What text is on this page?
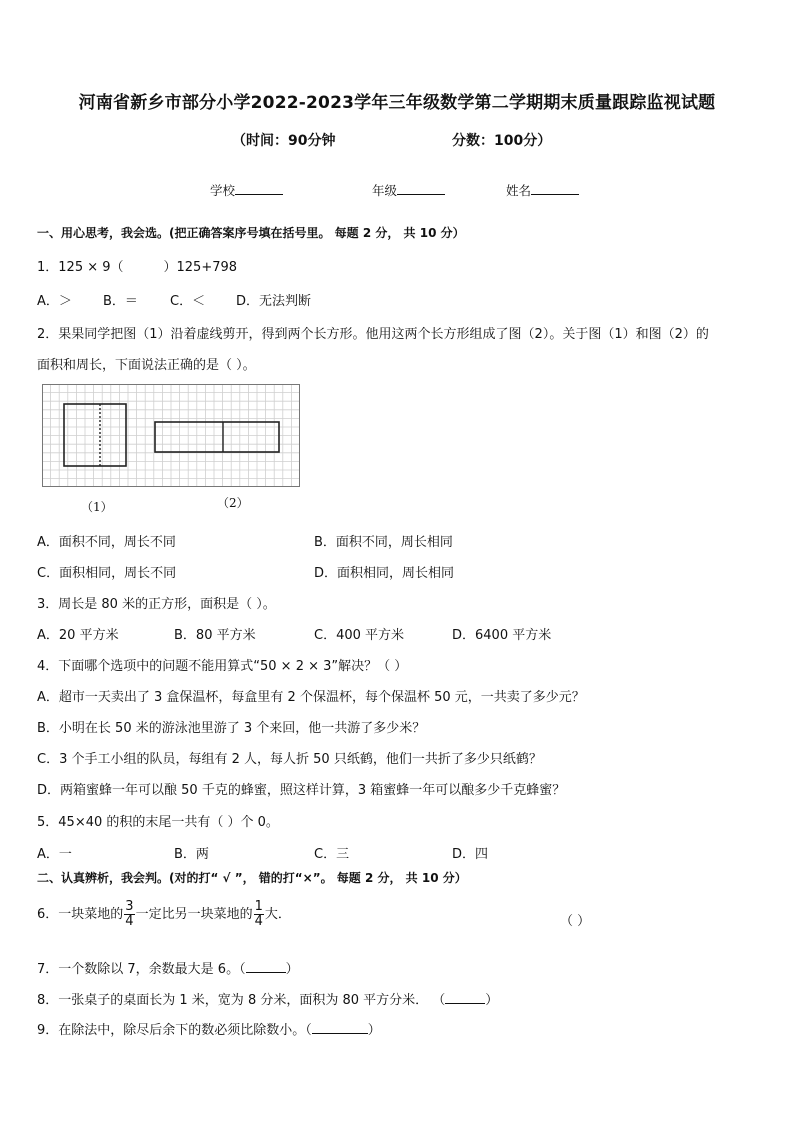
河南省新乡市部分小学2022-2023学年三年级数学第二学期期末质量跟踪监视试题
（时间：90分钟	分数：100分）
学校	年级	姓名
一、用心思考，我会选。(把正确答案序号填在括号里。 每题 2 分， 共 10 分）
1．125 × 9（	）125+798
A．＞ B．＝ C．＜ D．无法判断
2．果果同学把图（1）沿着虚线剪开，得到两个长方形。他用这两个长方形组成了图（2）。关于图（1）和图（2）的
面积和周长，下面说法正确的是（ ）。
（1）	（2）
A．面积不同，周长不同	B．面积不同，周长相同
C．面积相同，周长不同	D．面积相同，周长相同
3．周长是 80 米的正方形，面积是（ ）。
A．20 平方米	B．80 平方米	C．400 平方米	D．6400 平方米
4．下面哪个选项中的问题不能用算式“50 × 2 × 3”解决？（ ）
A．超市一天卖出了 3 盒保温杯，每盒里有 2 个保温杯，每个保温杯 50 元，一共卖了多少元？
B．小明在长 50 米的游泳池里游了 3 个来回，他一共游了多少米？
C．3 个手工小组的队员，每组有 2 人，每人折 50 只纸鹤，他们一共折了多少只纸鹤？
D．两箱蜜蜂一年可以酿 50 千克的蜂蜜，照这样计算，3 箱蜜蜂一年可以酿多少千克蜂蜜？
5．45×40 的积的末尾一共有（ ）个 0。
A．一	B．两	C．三	D．四
二、认真辨析，我会判。(对的打“ √ ”， 错的打“×”。 每题 2 分， 共 10 分）
6．一块菜地的 $\frac{3}{4}$ 一定比另一块菜地的 $\frac{1}{4}$ 大．	（ ）
7．一个数除以 7，余数最大是 6。（	）
8．一张桌子的桌面长为 1 米，宽为 8 分米，面积为 80 平方分米． （	）
9．在除法中，除尽后余下的数必须比除数小。（	）
